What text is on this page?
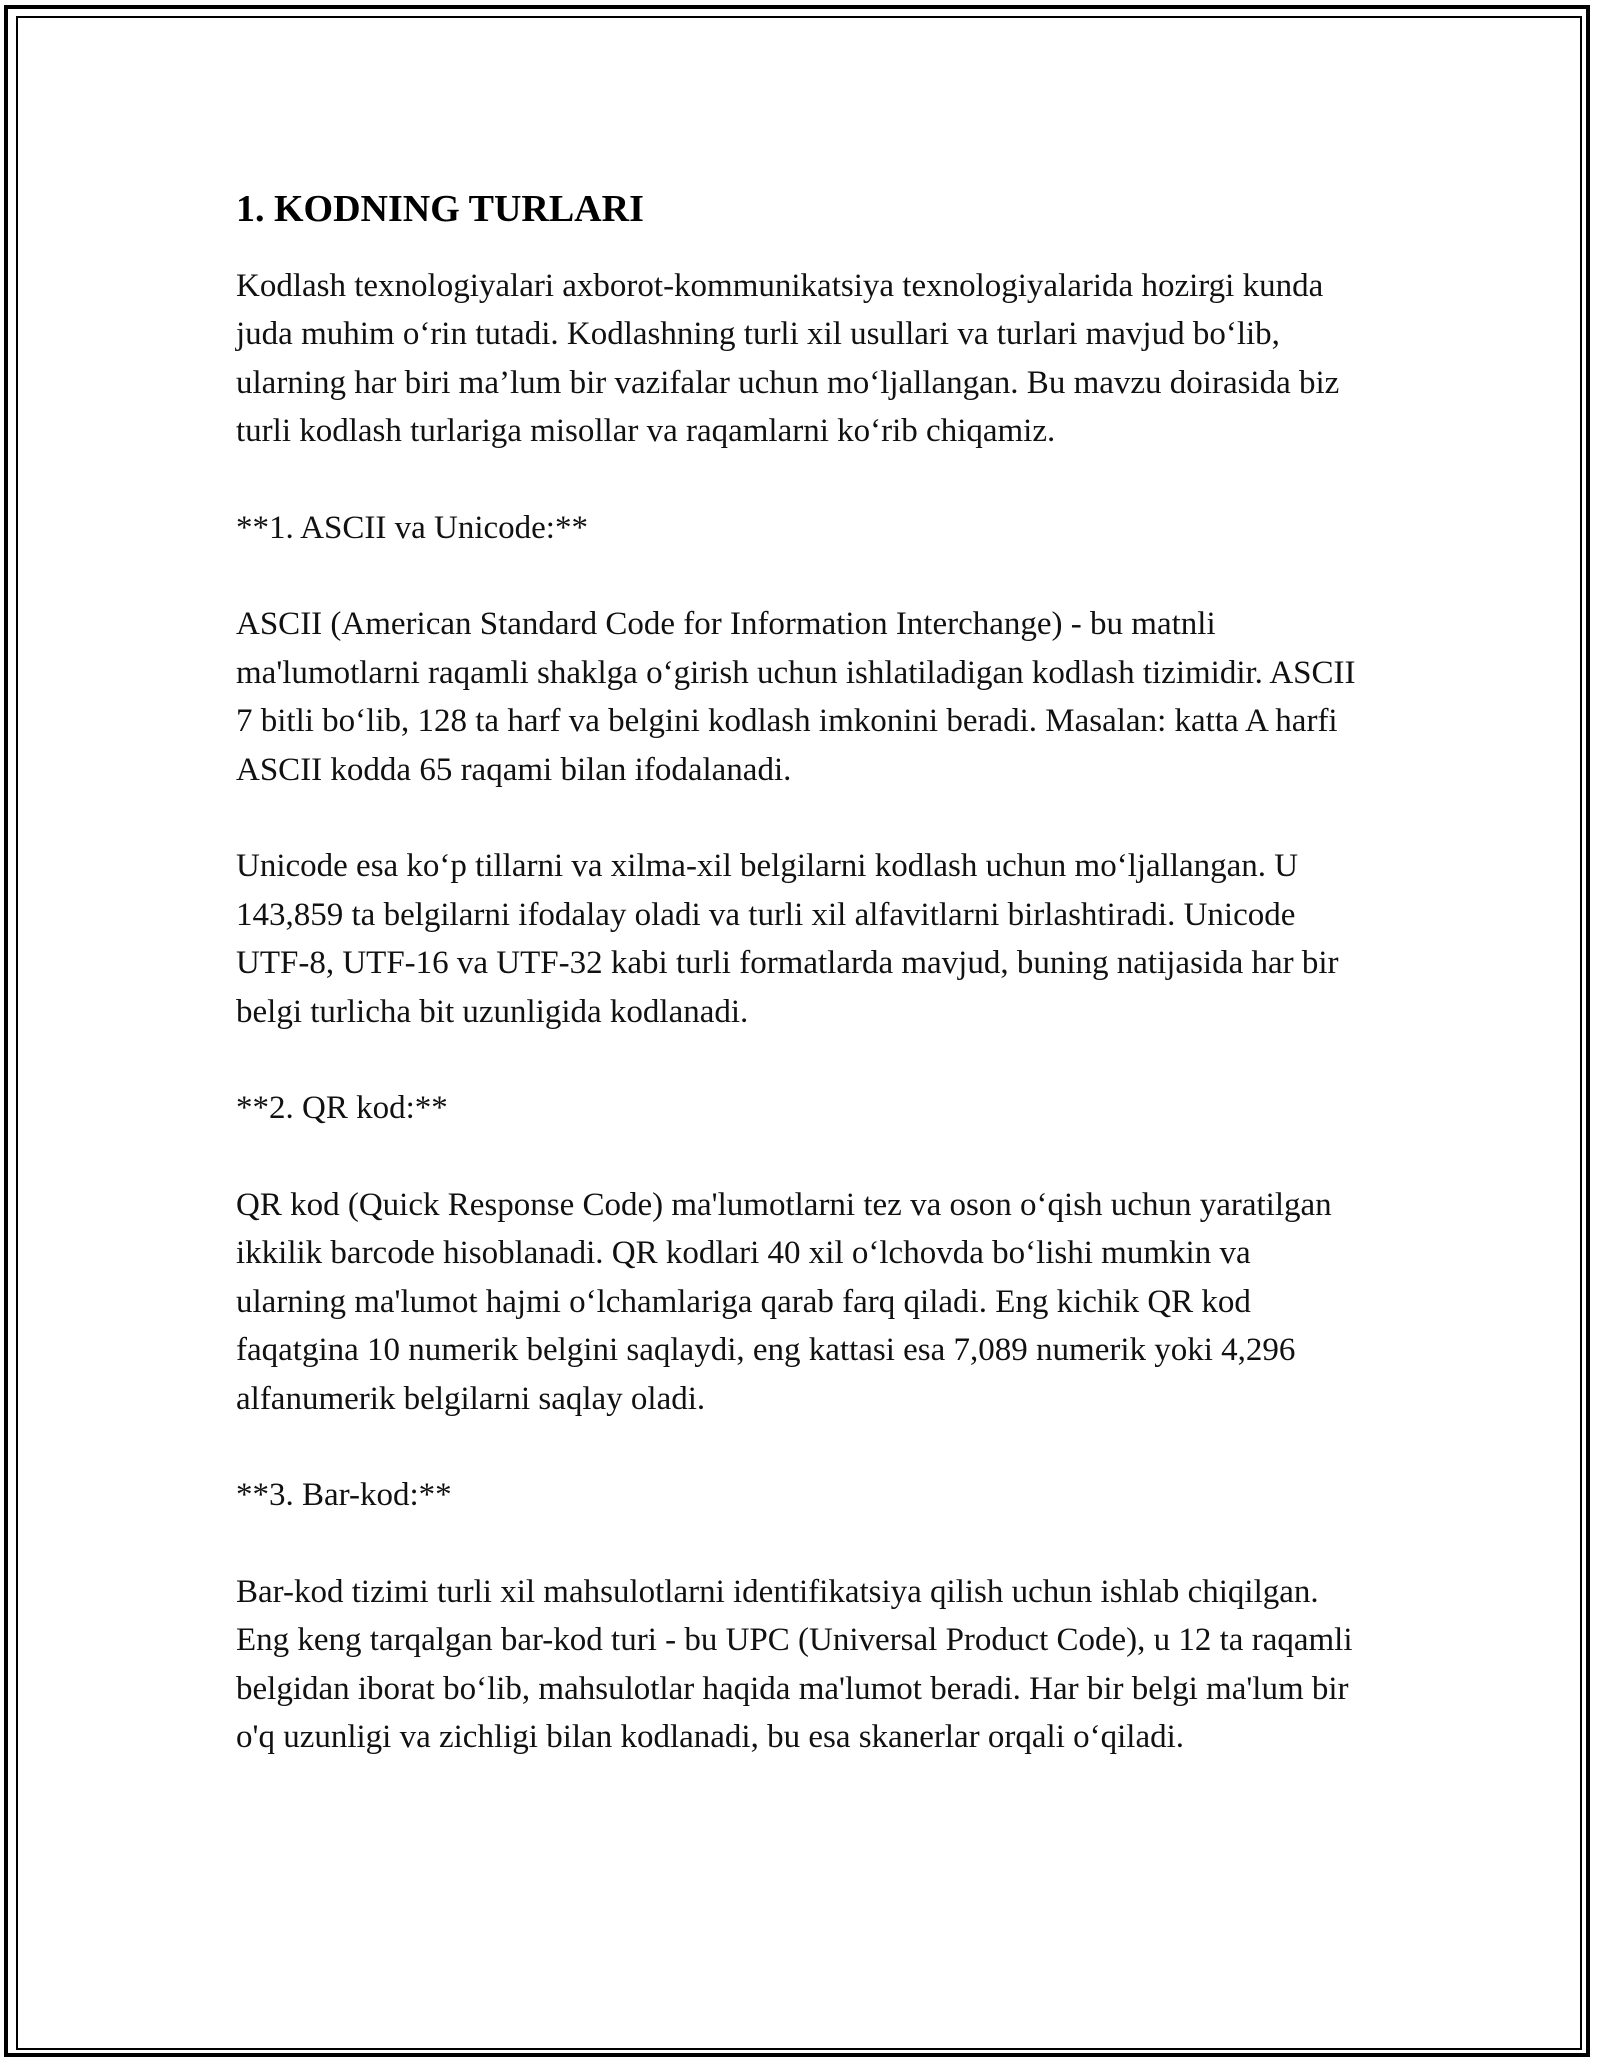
1. KODNING TURLARI

Kodlash texnologiyalari axborot-kommunikatsiya texnologiyalarida hozirgi kunda juda muhim o‘rin tutadi. Kodlashning turli xil usullari va turlari mavjud bo‘lib, ularning har biri ma’lum bir vazifalar uchun mo‘ljallangan. Bu mavzu doirasida biz turli kodlash turlariga misollar va raqamlarni ko‘rib chiqamiz.

**1. ASCII va Unicode:**

ASCII (American Standard Code for Information Interchange) - bu matnli ma'lumotlarni raqamli shaklga o‘girish uchun ishlatiladigan kodlash tizimidir. ASCII 7 bitli bo‘lib, 128 ta harf va belgini kodlash imkonini beradi. Masalan: katta A harfi ASCII kodda 65 raqami bilan ifodalanadi.

Unicode esa ko‘p tillarni va xilma-xil belgilarni kodlash uchun mo‘ljallangan. U 143,859 ta belgilarni ifodalay oladi va turli xil alfavitlarni birlashtiradi. Unicode UTF-8, UTF-16 va UTF-32 kabi turli formatlarda mavjud, buning natijasida har bir belgi turlicha bit uzunligida kodlanadi.

**2. QR kod:**

QR kod (Quick Response Code) ma'lumotlarni tez va oson o‘qish uchun yaratilgan ikkilik barcode hisoblanadi. QR kodlari 40 xil o‘lchovda bo‘lishi mumkin va ularning ma'lumot hajmi o‘lchamlariga qarab farq qiladi. Eng kichik QR kod faqatgina 10 numerik belgini saqlaydi, eng kattasi esa 7,089 numerik yoki 4,296 alfanumerik belgilarni saqlay oladi.

**3. Bar-kod:**

Bar-kod tizimi turli xil mahsulotlarni identifikatsiya qilish uchun ishlab chiqilgan. Eng keng tarqalgan bar-kod turi - bu UPC (Universal Product Code), u 12 ta raqamli belgidan iborat bo‘lib, mahsulotlar haqida ma'lumot beradi. Har bir belgi ma'lum bir o'q uzunligi va zichligi bilan kodlanadi, bu esa skanerlar orqali o‘qiladi.
